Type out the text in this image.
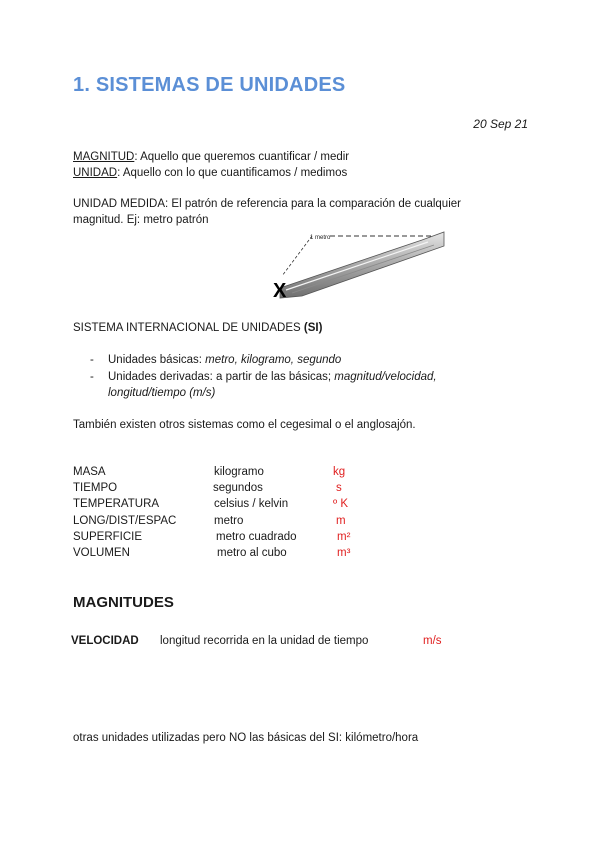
1. SISTEMAS DE UNIDADES
20 Sep 21
MAGNITUD: Aquello que queremos cuantificar / medir
UNIDAD: Aquello con lo que cuantificamos / medimos
UNIDAD MEDIDA: El patrón de referencia para la comparación de cualquier magnitud. Ej: metro patrón
1 metro
X
SISTEMA INTERNACIONAL DE UNIDADES (SI)
- Unidades básicas: metro, kilogramo, segundo
- Unidades derivadas: a partir de las básicas; magnitud/velocidad, longitud/tiempo (m/s)
También existen otros sistemas como el cegesimal o el anglosajón.
MASA	kilogramo	kg
TIEMPO	segundos	s
TEMPERATURA	celsius / kelvin	º K
LONG/DIST/ESPAC	metro	m
SUPERFICIE	metro cuadrado	m²
VOLUMEN	metro al cubo	m³
MAGNITUDES
VELOCIDAD longitud recorrida en la unidad de tiempo	m/s
otras unidades utilizadas pero NO las básicas del SI: kilómetro/hora
